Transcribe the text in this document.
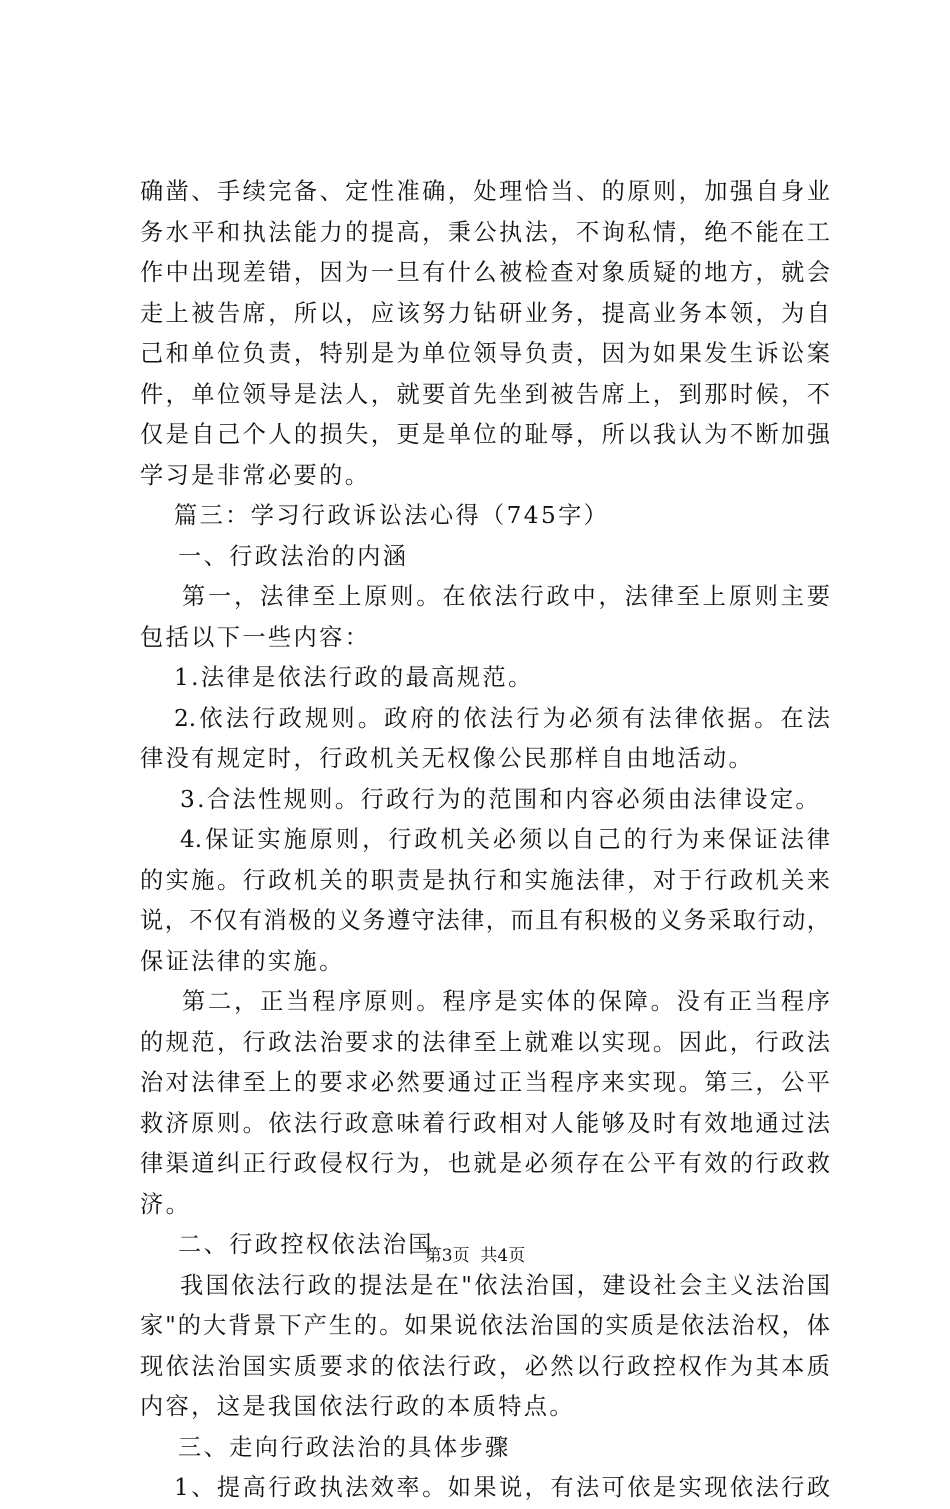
确凿、手续完备、定性准确，处理恰当、的原则，加强自身业
务水平和执法能力的提高，秉公执法，不询私情，绝不能在工
作中出现差错，因为一旦有什么被检查对象质疑的地方，就会
走上被告席，所以，应该努力钻研业务，提高业务本领，为自
己和单位负责，特别是为单位领导负责，因为如果发生诉讼案
件，单位领导是法人，就要首先坐到被告席上，到那时候，不
仅是自己个人的损失，更是单位的耻辱，所以我认为不断加强
学习是非常必要的。
篇三：学习行政诉讼法心得（745字）
一、行政法治的内涵
第一，法律至上原则。在依法行政中，法律至上原则主要
包括以下一些内容：
1.法律是依法行政的最高规范。
2.依法行政规则。政府的依法行为必须有法律依据。在法
律没有规定时，行政机关无权像公民那样自由地活动。
3.合法性规则。行政行为的范围和内容必须由法律设定。
4.保证实施原则，行政机关必须以自己的行为来保证法律
的实施。行政机关的职责是执行和实施法律，对于行政机关来
说，不仅有消极的义务遵守法律，而且有积极的义务采取行动，
保证法律的实施。
第二，正当程序原则。程序是实体的保障。没有正当程序
的规范，行政法治要求的法律至上就难以实现。因此，行政法
治对法律至上的要求必然要通过正当程序来实现。第三，公平
救济原则。依法行政意味着行政相对人能够及时有效地通过法
律渠道纠正行政侵权行为，也就是必须存在公平有效的行政救
济。
二、行政控权依法治国
我国依法行政的提法是在"依法治国，建设社会主义法治国
家"的大背景下产生的。如果说依法治国的实质是依法治权，体
现依法治国实质要求的依法行政，必然以行政控权作为其本质
内容，这是我国依法行政的本质特点。
三、走向行政法治的具体步骤
1、提高行政执法效率。如果说，有法可依是实现依法行政
第3页  共4页
